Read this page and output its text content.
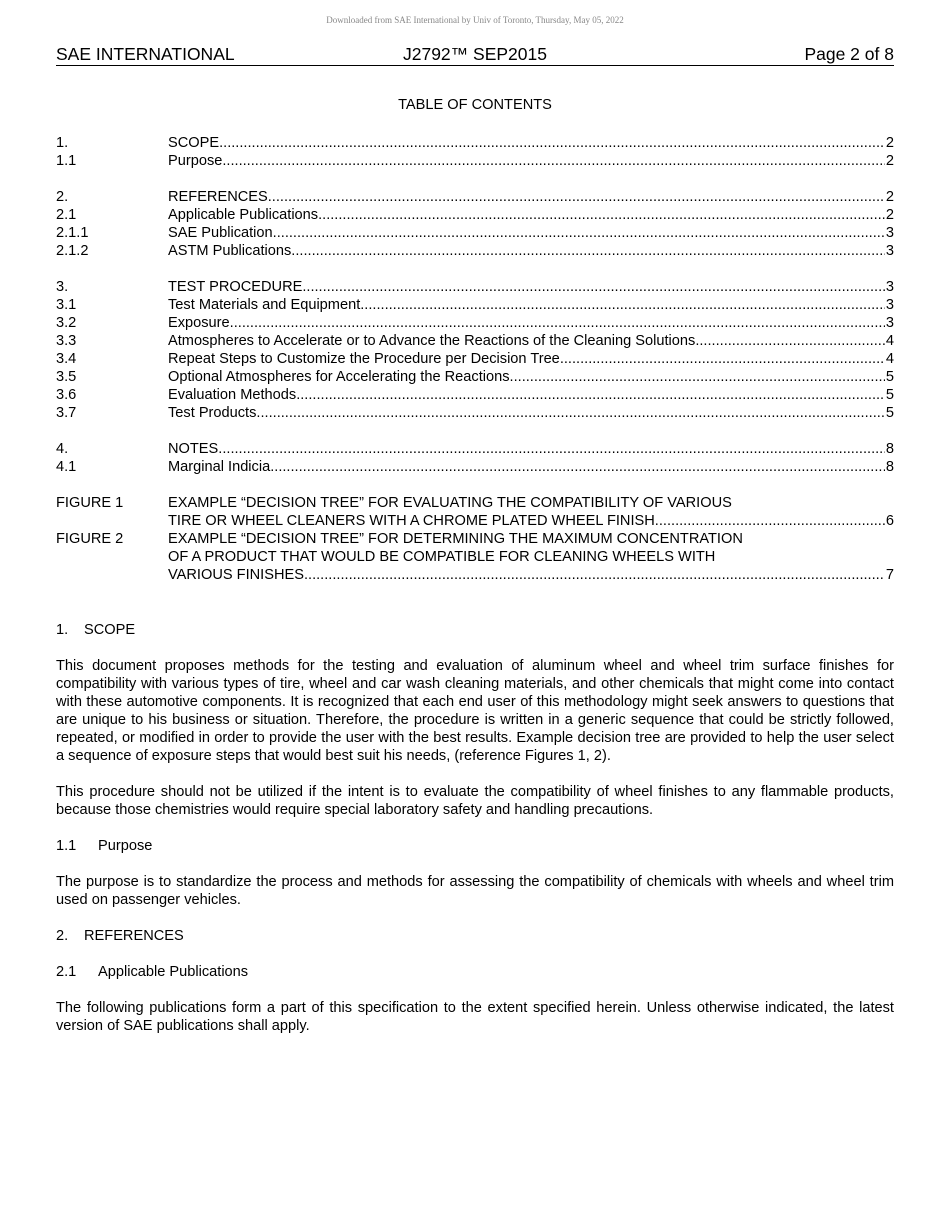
Downloaded from SAE International by Univ of Toronto, Thursday, May 05, 2022
SAE INTERNATIONAL	J2792™ SEP2015	Page 2 of 8
TABLE OF CONTENTS
1.	SCOPE .....	2
1.1	Purpose .....	2
2.	REFERENCES .....	2
2.1	Applicable Publications .....	2
2.1.1	SAE Publication .....	3
2.1.2	ASTM Publications .....	3
3.	TEST PROCEDURE .....	3
3.1	Test Materials and Equipment .....	3
3.2	Exposure .....	3
3.3	Atmospheres to Accelerate or to Advance the Reactions of the Cleaning Solutions .....	4
3.4	Repeat Steps to Customize the Procedure per Decision Tree .....	4
3.5	Optional Atmospheres for Accelerating the Reactions .....	5
3.6	Evaluation Methods .....	5
3.7	Test Products .....	5
4.	NOTES .....	8
4.1	Marginal Indicia .....	8
FIGURE 1	EXAMPLE “DECISION TREE” FOR EVALUATING THE COMPATIBILITY OF VARIOUS
TIRE OR WHEEL CLEANERS WITH A CHROME PLATED WHEEL FINISH .....	6
FIGURE 2	EXAMPLE “DECISION TREE” FOR DETERMINING THE MAXIMUM CONCENTRATION
OF A PRODUCT THAT WOULD BE COMPATIBLE FOR CLEANING WHEELS WITH
VARIOUS FINISHES .....	7
1. SCOPE

This document proposes methods for the testing and evaluation of aluminum wheel and wheel trim surface finishes for compatibility with various types of tire, wheel and car wash cleaning materials, and other chemicals that might come into contact with these automotive components. It is recognized that each end user of this methodology might seek answers to questions that are unique to his business or situation. Therefore, the procedure is written in a generic sequence that could be strictly followed, repeated, or modified in order to provide the user with the best results. Example decision tree are provided to help the user select a sequence of exposure steps that would best suit his needs, (reference Figures 1, 2).

This procedure should not be utilized if the intent is to evaluate the compatibility of wheel finishes to any flammable products, because those chemistries would require special laboratory safety and handling precautions.

1.1 Purpose

The purpose is to standardize the process and methods for assessing the compatibility of chemicals with wheels and wheel trim used on passenger vehicles.

2. REFERENCES
2.1 Applicable Publications

The following publications form a part of this specification to the extent specified herein. Unless otherwise indicated, the latest version of SAE publications shall apply.
